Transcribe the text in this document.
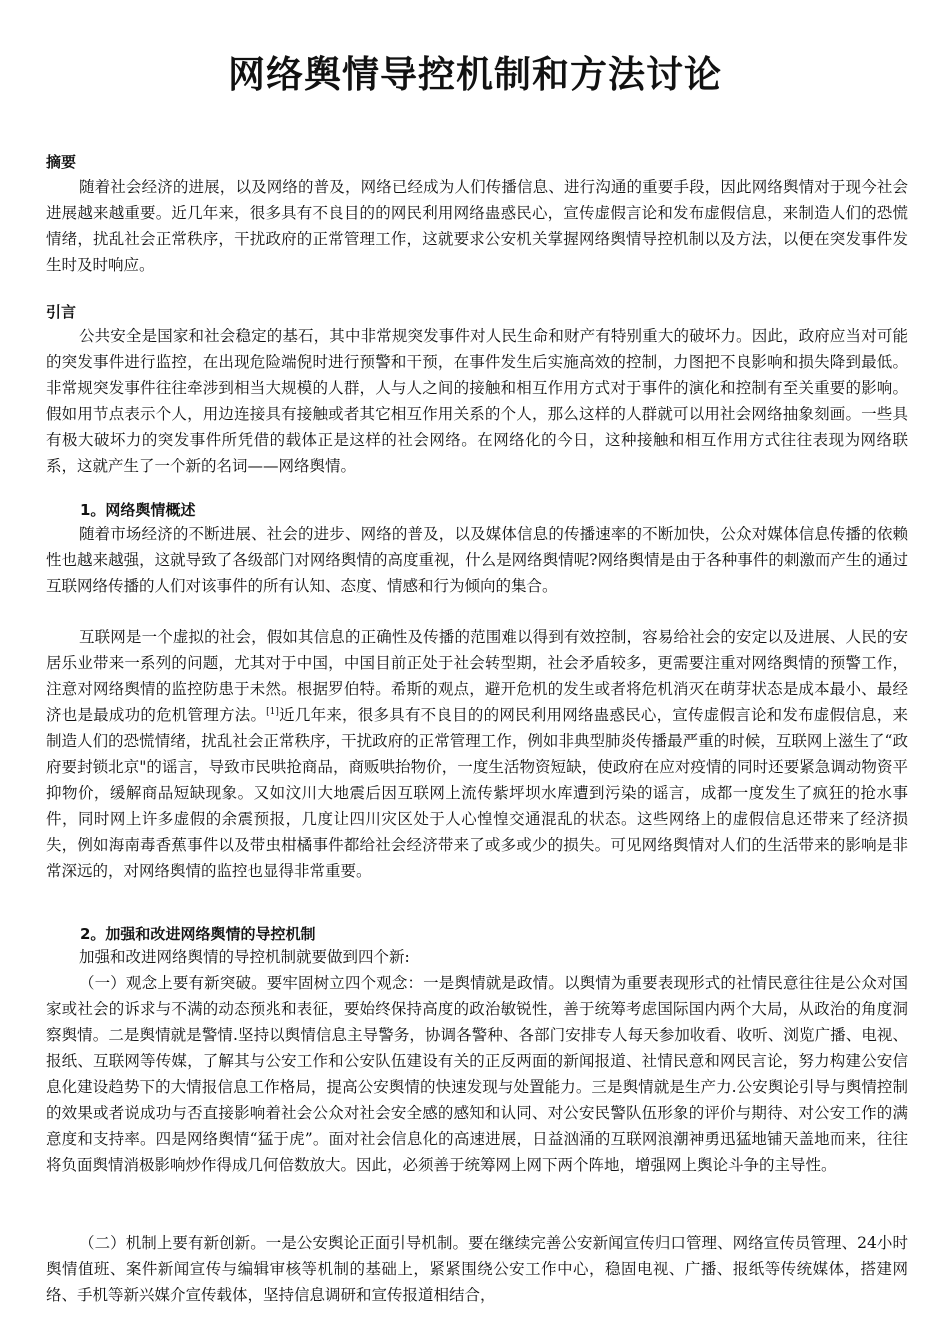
网络舆情导控机制和方法讨论
摘要

随着社会经济的进展，以及网络的普及，网络已经成为人们传播信息、进行沟通的重要手段，因此网络舆情对于现今社会进展越来越重要。近几年来，很多具有不良目的的网民利用网络蛊惑民心，宣传虚假言论和发布虚假信息，来制造人们的恐慌情绪，扰乱社会正常秩序，干扰政府的正常管理工作，这就要求公安机关掌握网络舆情导控机制以及方法，以便在突发事件发生时及时响应。

引言

公共安全是国家和社会稳定的基石，其中非常规突发事件对人民生命和财产有特别重大的破坏力。因此，政府应当对可能的突发事件进行监控，在出现危险端倪时进行预警和干预，在事件发生后实施高效的控制，力图把不良影响和损失降到最低。非常规突发事件往往牵涉到相当大规模的人群，人与人之间的接触和相互作用方式对于事件的演化和控制有至关重要的影响。假如用节点表示个人，用边连接具有接触或者其它相互作用关系的个人，那么这样的人群就可以用社会网络抽象刻画。一些具有极大破坏力的突发事件所凭借的载体正是这样的社会网络。在网络化的今日，这种接触和相互作用方式往往表现为网络联系，这就产生了一个新的名词——网络舆情。

1。网络舆情概述

随着市场经济的不断进展、社会的进步、网络的普及，以及媒体信息的传播速率的不断加快，公众对媒体信息传播的依赖性也越来越强，这就导致了各级部门对网络舆情的高度重视，什么是网络舆情呢?网络舆情是由于各种事件的刺激而产生的通过互联网络传播的人们对该事件的所有认知、态度、情感和行为倾向的集合。

互联网是一个虚拟的社会，假如其信息的正确性及传播的范围难以得到有效控制，容易给社会的安定以及进展、人民的安居乐业带来一系列的问题，尤其对于中国，中国目前正处于社会转型期，社会矛盾较多，更需要注重对网络舆情的预警工作，注意对网络舆情的监控防患于未然。根据罗伯特。希斯的观点，避开危机的发生或者将危机消灭在萌芽状态是成本最小、最经济也是最成功的危机管理方法。[1]近几年来，很多具有不良目的的网民利用网络蛊惑民心，宣传虚假言论和发布虚假信息，来制造人们的恐慌情绪，扰乱社会正常秩序，干扰政府的正常管理工作，例如非典型肺炎传播最严重的时候，互联网上滋生了“政府要封锁北京"的谣言，导致市民哄抢商品，商贩哄抬物价，一度生活物资短缺，使政府在应对疫情的同时还要紧急调动物资平抑物价，缓解商品短缺现象。又如汶川大地震后因互联网上流传紫坪坝水库遭到污染的谣言，成都一度发生了疯狂的抢水事件，同时网上许多虚假的余震预报，几度让四川灾区处于人心惶惶交通混乱的状态。这些网络上的虚假信息还带来了经济损失，例如海南毒香蕉事件以及带虫柑橘事件都给社会经济带来了或多或少的损失。可见网络舆情对人们的生活带来的影响是非常深远的，对网络舆情的监控也显得非常重要。

2。加强和改进网络舆情的导控机制

加强和改进网络舆情的导控机制就要做到四个新:

（一）观念上要有新突破。要牢固树立四个观念：一是舆情就是政情。以舆情为重要表现形式的社情民意往往是公众对国家或社会的诉求与不满的动态预兆和表征，要始终保持高度的政治敏锐性，善于统筹考虑国际国内两个大局，从政治的角度洞察舆情。二是舆情就是警情.坚持以舆情信息主导警务，协调各警种、各部门安排专人每天参加收看、收听、浏览广播、电视、报纸、互联网等传媒，了解其与公安工作和公安队伍建设有关的正反两面的新闻报道、社情民意和网民言论，努力构建公安信息化建设趋势下的大情报信息工作格局，提高公安舆情的快速发现与处置能力。三是舆情就是生产力.公安舆论引导与舆情控制的效果或者说成功与否直接影响着社会公众对社会安全感的感知和认同、对公安民警队伍形象的评价与期待、对公安工作的满意度和支持率。四是网络舆情“猛于虎”。面对社会信息化的高速进展，日益汹涌的互联网浪潮神勇迅猛地铺天盖地而来，往往将负面舆情消极影响炒作得成几何倍数放大。因此，必须善于统筹网上网下两个阵地，增强网上舆论斗争的主导性。

（二）机制上要有新创新。一是公安舆论正面引导机制。要在继续完善公安新闻宣传归口管理、网络宣传员管理、24小时舆情值班、案件新闻宣传与编辑审核等机制的基础上，紧紧围绕公安工作中心，稳固电视、广播、报纸等传统媒体，搭建网络、手机等新兴媒介宣传载体，坚持信息调研和宣传报道相结合，
